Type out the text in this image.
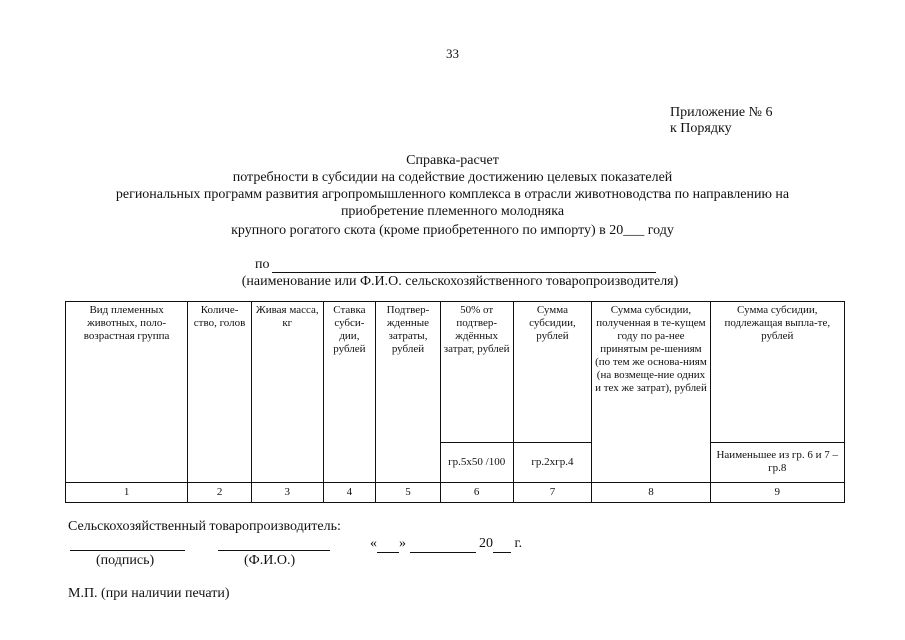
33
Приложение № 6
к Порядку
Справка-расчет
потребности в субсидии на содействие достижению целевых показателей
региональных программ развития агропромышленного комплекса в отрасли животноводства по направлению на
приобретение племенного молодняка
крупного рогатого скота (кроме приобретенного по импорту) в 20___ году
по
(наименование или Ф.И.О. сельскохозяйственного товаропроизводителя)
Вид племенных животных, поло-возрастная группа	Количе-ство, голов	Живая масса, кг	Ставка субси-дии, рублей	Подтвер-жденные затраты, рублей	50% от подтвер-ждённых затрат, рублей	Сумма субсидии, рублей	Сумма субсидии, полученная в те-кущем году по ра-нее принятым ре-шениям (по тем же основа-ниям (на возмеще-ние одних и тех же затрат), рублей	Сумма субсидии, подлежащая выпла-те, рублей
					гр.5х50 /100	гр.2хгр.4		Наименьшее из гр. 6 и 7 – гр.8
1	2	3	4	5	6	7	8	9
Сельскохозяйственный товаропроизводитель:
« »	20 г.
(подпись)	(Ф.И.О.)
М.П. (при наличии печати)
